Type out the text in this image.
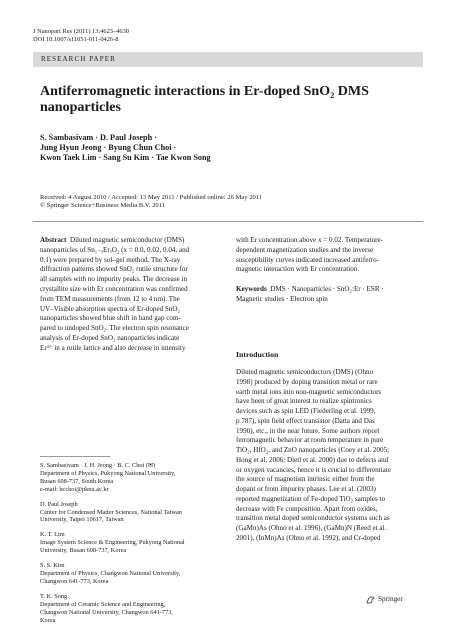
J Nanopart Res (2011) 13:4623–4630
DOI 10.1007/s11051-011-0426-8
RESEARCH PAPER
Antiferromagnetic interactions in Er-doped SnO₂ DMS
nanoparticles
S. Sambasivam · D. Paul Joseph ·
Jung Hyun Jeong · Byung Chun Choi ·
Kwon Taek Lim · Sang Su Kim · Tae Kwon Song
Received: 4 August 2010 / Accepted: 13 May 2011 / Published online: 26 May 2011
© Springer Science+Business Media B.V. 2011
Abstract Diluted magnetic semiconductor (DMS)
nanoparticles of Sn₁₋ₓErₓO₂ (x = 0.0, 0.02, 0.04, and
0.1) were prepared by sol–gel method. The X-ray
diffraction patterns showed SnO₂ rutile structure for
all samples with no impurity peaks. The decrease in
crystallite size with Er concentration was confirmed
from TEM measurements (from 12 to 4 nm). The
UV–Visible absorption spectra of Er-doped SnO₂
nanoparticles showed blue shift in band gap com-
pared to undoped SnO₂. The electron spin resonance
analysis of Er-doped SnO₂ nanoparticles indicate
Er³⁺ in a rutile lattice and also decrease in intensity
with Er concentration above x = 0.02. Temperature-
dependent magnetization studies and the inverse
susceptibility curves indicated increased antiferro-
magnetic interaction with Er concentration.
Keywords DMS · Nanoparticles · SnO₂:Er · ESR ·
Magnetic studies · Electron spin
Introduction
Diluted magnetic semiconductors (DMS) (Ohno
1998) produced by doping transition metal or rare
earth metal ions into non-magnetic semiconductors
have been of great interest to realize spintronics
devices such as spin LED (Fiederling et al. 1999,
p 787), spin field effect transistor (Datta and Das
1990), etc., in the near future. Some authors report
ferromagnetic behavior at room temperature in pure
TiO₂, HfO₂, and ZnO nanoparticles (Coey et al. 2005;
Hong et al. 2006; Dietl et al. 2000) due to defects and
or oxygen vacancies, hence it is crucial to differentiate
the source of magnetism intrinsic either from the
dopant or from impurity phases. Lee et al. (2003)
reported magnetization of Fe-doped TiO₂ samples to
decrease with Fe composition. Apart from oxides,
transition metal doped semiconductor systems such as
(GaMn)As (Ohno et al. 1996), (GaMn)N (Reed et al.
2001), (InMn)As (Ohno et al. 1992), and Cr-doped
S. Sambasivam · J. H. Jeong · B. C. Choi (✉)
Department of Physics, Pukyong National University,
Busan 608-737, South Korea
e-mail: bcchoi@pknu.ac.kr
D. Paul Joseph
Center for Condensed Matter Sciences, National Taiwan
University, Taipei 10617, Taiwan
K. T. Lim
Image System Science & Engineering, Pukyong National
University, Busan 608-737, Korea
S. S. Kim
Department of Physics, Changwon National University,
Changwon 641-773, Korea
T. K. Song
Department of Ceramic Science and Engineering,
Changwon National University, Changwon 641-773,
Korea
Springer
